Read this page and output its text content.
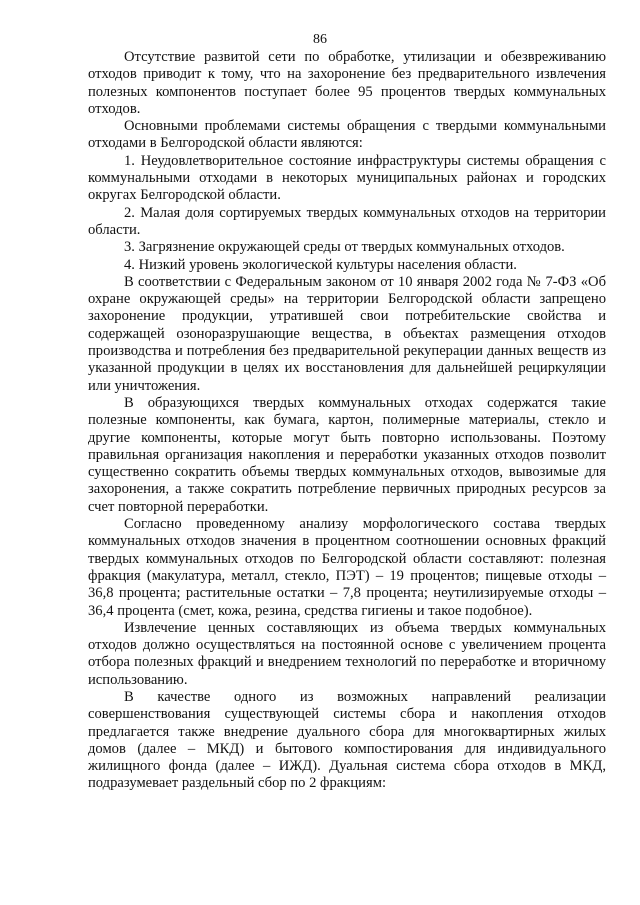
86

Отсутствие развитой сети по обработке, утилизации и обезвреживанию отходов приводит к тому, что на захоронение без предварительного извлечения полезных компонентов поступает более 95 процентов твердых коммунальных отходов.

Основными проблемами системы обращения с твердыми коммунальными отходами в Белгородской области являются:

1. Неудовлетворительное состояние инфраструктуры системы обращения с коммунальными отходами в некоторых муниципальных районах и городских округах Белгородской области.

2. Малая доля сортируемых твердых коммунальных отходов на территории области.

3. Загрязнение окружающей среды от твердых коммунальных отходов.

4. Низкий уровень экологической культуры населения области.

В соответствии с Федеральным законом от 10 января 2002 года № 7-ФЗ «Об охране окружающей среды» на территории Белгородской области запрещено захоронение продукции, утратившей свои потребительские свойства и содержащей озоноразрушающие вещества, в объектах размещения отходов производства и потребления без предварительной рекуперации данных веществ из указанной продукции в целях их восстановления для дальнейшей рециркуляции или уничтожения.

В образующихся твердых коммунальных отходах содержатся такие полезные компоненты, как бумага, картон, полимерные материалы, стекло и другие компоненты, которые могут быть повторно использованы. Поэтому правильная организация накопления и переработки указанных отходов позволит существенно сократить объемы твердых коммунальных отходов, вывозимые для захоронения, а также сократить потребление первичных природных ресурсов за счет повторной переработки.

Согласно проведенному анализу морфологического состава твердых коммунальных отходов значения в процентном соотношении основных фракций твердых коммунальных отходов по Белгородской области составляют: полезная фракция (макулатура, металл, стекло, ПЭТ) – 19 процентов; пищевые отходы – 36,8 процента; растительные остатки – 7,8 процента; неутилизируемые отходы – 36,4 процента (смет, кожа, резина, средства гигиены и такое подобное).

Извлечение ценных составляющих из объема твердых коммунальных отходов должно осуществляться на постоянной основе с увеличением процента отбора полезных фракций и внедрением технологий по переработке и вторичному использованию.

В качестве одного из возможных направлений реализации совершенствования существующей системы сбора и накопления отходов предлагается также внедрение дуального сбора для многоквартирных жилых домов (далее – МКД) и бытового компостирования для индивидуального жилищного фонда (далее – ИЖД). Дуальная система сбора отходов в МКД, подразумевает раздельный сбор по 2 фракциям:
